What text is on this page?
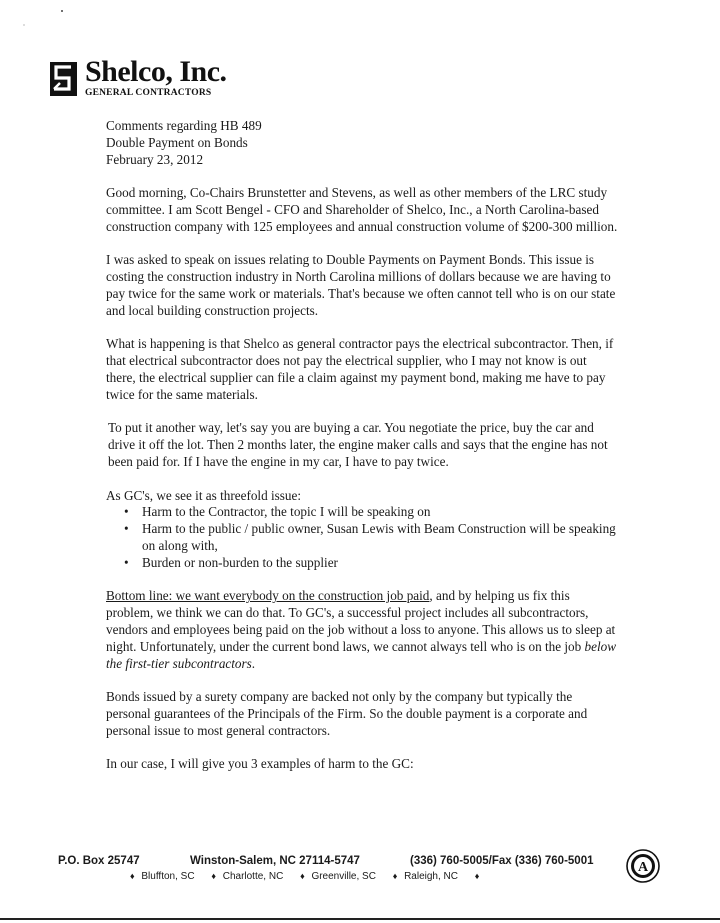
Shelco, Inc.
GENERAL CONTRACTORS
Comments regarding HB 489
Double Payment on Bonds
February 23, 2012

Good morning, Co-Chairs Brunstetter and Stevens, as well as other members of the LRC study committee. I am Scott Bengel - CFO and Shareholder of Shelco, Inc., a North Carolina-based construction company with 125 employees and annual construction volume of $200-300 million.

I was asked to speak on issues relating to Double Payments on Payment Bonds. This issue is costing the construction industry in North Carolina millions of dollars because we are having to pay twice for the same work or materials. That's because we often cannot tell who is on our state and local building construction projects.

What is happening is that Shelco as general contractor pays the electrical subcontractor. Then, if that electrical subcontractor does not pay the electrical supplier, who I may not know is out there, the electrical supplier can file a claim against my payment bond, making me have to pay twice for the same materials.

To put it another way, let's say you are buying a car. You negotiate the price, buy the car and drive it off the lot. Then 2 months later, the engine maker calls and says that the engine has not been paid for. If I have the engine in my car, I have to pay twice.

As GC's, we see it as threefold issue:
• Harm to the Contractor, the topic I will be speaking on
• Harm to the public / public owner, Susan Lewis with Beam Construction will be speaking on along with,
• Burden or non-burden to the supplier

Bottom line: we want everybody on the construction job paid, and by helping us fix this problem, we think we can do that. To GC's, a successful project includes all subcontractors, vendors and employees being paid on the job without a loss to anyone. This allows us to sleep at night. Unfortunately, under the current bond laws, we cannot always tell who is on the job below the first-tier subcontractors.

Bonds issued by a surety company are backed not only by the company but typically the personal guarantees of the Principals of the Firm. So the double payment is a corporate and personal issue to most general contractors.

In our case, I will give you 3 examples of harm to the GC:

P.O. Box 25747	Winston-Salem, NC 27114-5747	(336) 760-5005/Fax (336) 760-5001
♦ Bluffton, SC ♦ Charlotte, NC ♦ Greenville, SC ♦ Raleigh, NC ♦
A
